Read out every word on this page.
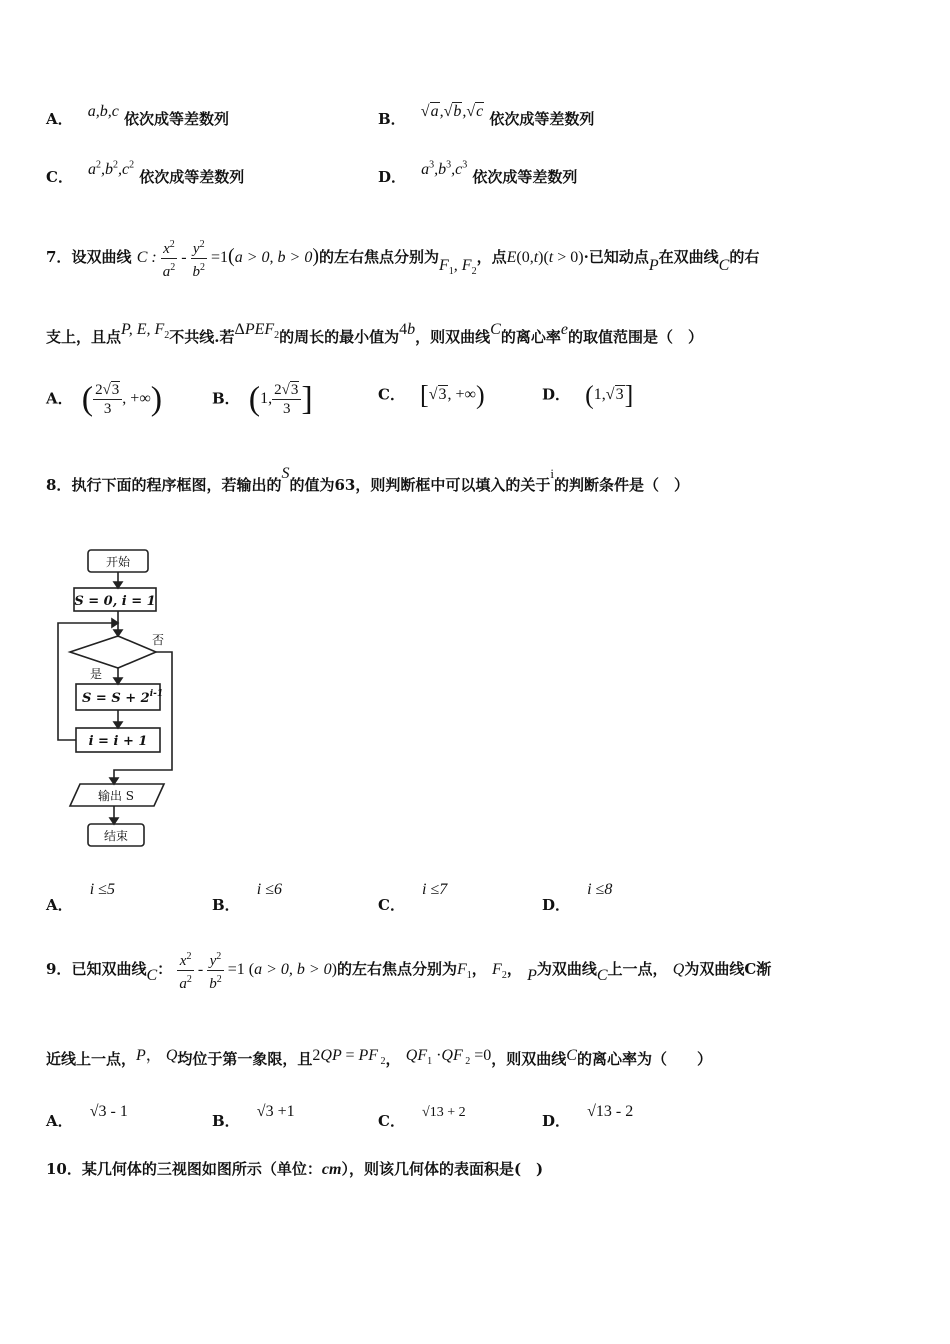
A． a,b,c 依次成等差数列	B． √a,√b,√c 依次成等差数列
C． $a^2,b^2,c^2$ 依次成等差数列	D． $a^3,b^3,c^3$ 依次成等差数列
7．设双曲线 C : $\frac{x^2}{a^2} - \frac{y^2}{b^2} =1(a > 0$, b > 0)的左右焦点分别为$F_1$, $F_2$，点E(0,t)(t > 0)·已知动点P在双曲线C的右
支上，且点P, E, $F_2$不共线.若$\Delta PEF_2$的周长的最小值为4b，则双曲线C的离心率e的取值范围是（　）
A． ( $\frac{2√3}{3}$ , +∞)	B． (1, $\frac{2√3}{3}$ ]	C． [√3, +∞)	D． (1,√3]
8．执行下面的程序框图，若输出的S的值为63，则判断框中可以填入的关于i的判断条件是（　）
开始
S = 0, i = 1
否
是
$S = S + 2^{i-1}$
i = i + 1
输出 S
结束
A． i ≤5
B． i ≤6
C． i ≤7
D． i ≤8
9．已知双曲线C： $\frac{x^2}{a^2} - \frac{y^2}{b^2} =1$ (a > 0, b > 0)的左右焦点分别为$F_1$， $F_2$， P为双曲线C上一点， Q为双曲线C渐
近线上一点，P， Q均位于第一象限，且2QP = PF $_2$， $QF_1 \cdot QF$ $_2$ =0，则双曲线C的离心率为（　　）
A． √3 - 1
B． √3 +1
C． √13 + 2	D． √13 - 2
10．某几何体的三视图如图所示（单位：cm），则该几何体的表面积是(　)
